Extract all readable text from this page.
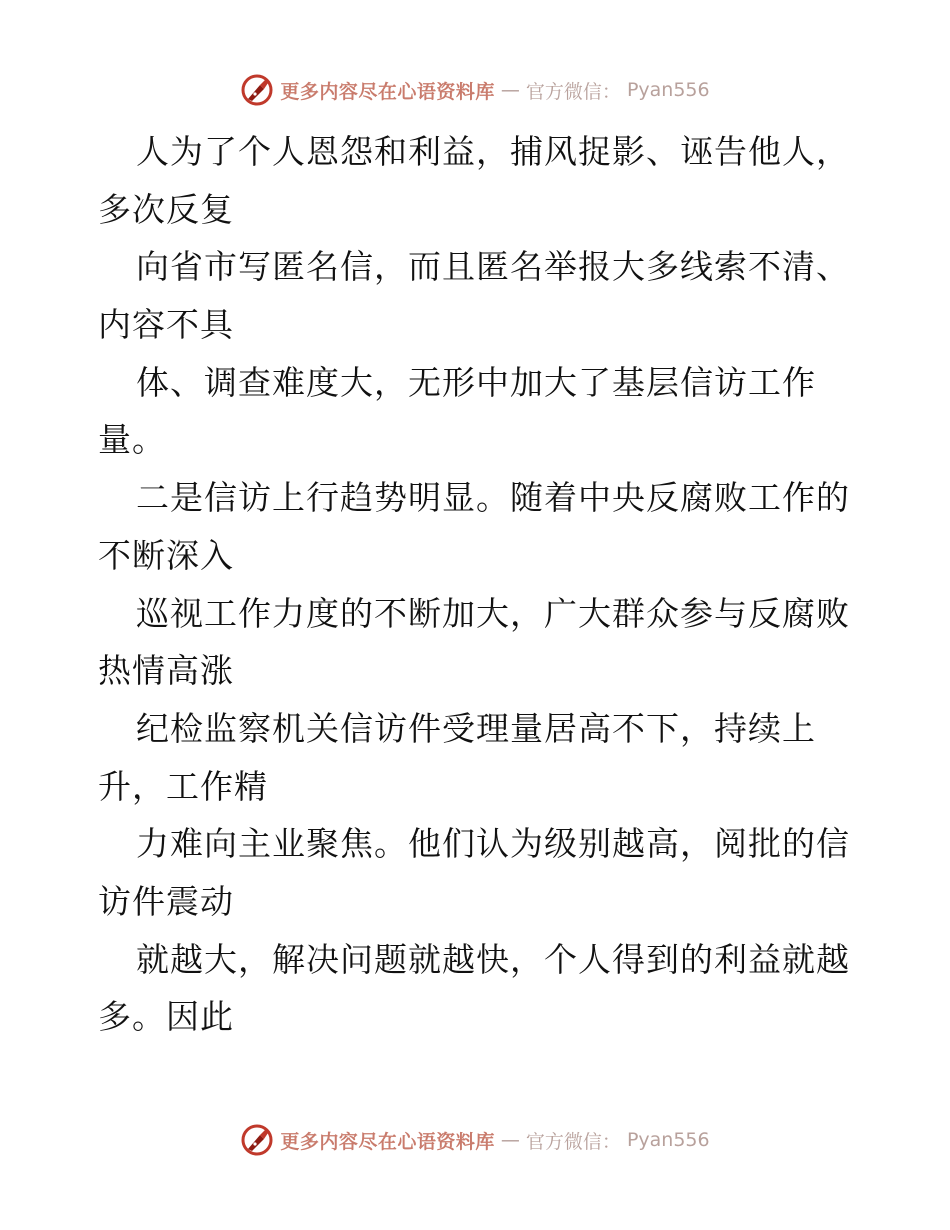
更多内容尽在心语资料库 — 官方微信： Pyan556
人为了个人恩怨和利益，捕风捉影、诬告他人，
多次反复
向省市写匿名信，而且匿名举报大多线索不清、
内容不具
体、调查难度大，无形中加大了基层信访工作
量。
二是信访上行趋势明显。随着中央反腐败工作的
不断深入
巡视工作力度的不断加大，广大群众参与反腐败
热情高涨
纪检监察机关信访件受理量居高不下，持续上
升，工作精
力难向主业聚焦。他们认为级别越高，阅批的信
访件震动
就越大，解决问题就越快，个人得到的利益就越
多。因此
更多内容尽在心语资料库 — 官方微信： Pyan556
